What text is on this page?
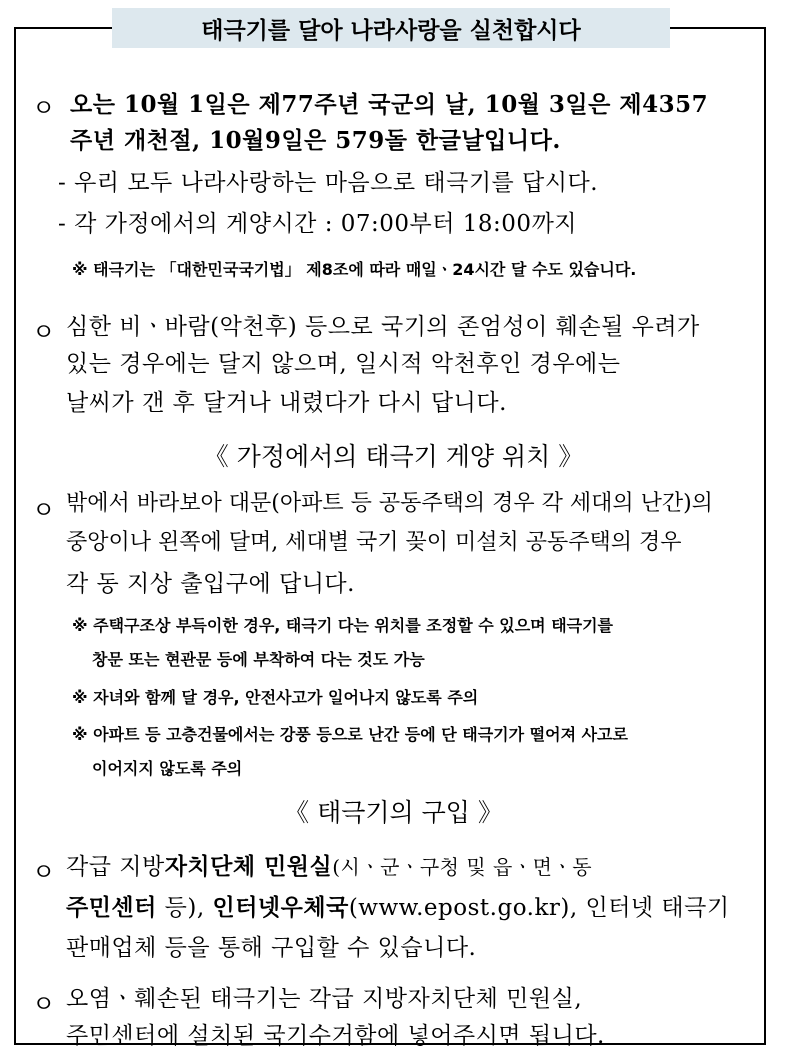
태극기를 달아 나라사랑을 실천합시다
ㅇ 오는 10월 1일은 제77주년 국군의 날, 10월 3일은 제4357
주년 개천절, 10월9일은 579돌 한글날입니다.
- 우리 모두 나라사랑하는 마음으로 태극기를 답시다.
- 각 가정에서의 게양시간 : 07:00부터 18:00까지
※ 태극기는 「대한민국국기법」 제8조에 따라 매일ㆍ24시간 달 수도 있습니다.
ㅇ 심한 비ㆍ바람(악천후) 등으로 국기의 존엄성이 훼손될 우려가
있는 경우에는 달지 않으며, 일시적 악천후인 경우에는
날씨가 갠 후 달거나 내렸다가 다시 답니다.
《 가정에서의 태극기 게양 위치 》
ㅇ 밖에서 바라보아 대문(아파트 등 공동주택의 경우 각 세대의 난간)의
중앙이나 왼쪽에 달며, 세대별 국기 꽂이 미설치 공동주택의 경우
각 동 지상 출입구에 답니다.
※ 주택구조상 부득이한 경우, 태극기 다는 위치를 조정할 수 있으며 태극기를
창문 또는 현관문 등에 부착하여 다는 것도 가능
※ 자녀와 함께 달 경우, 안전사고가 일어나지 않도록 주의
※ 아파트 등 고층건물에서는 강풍 등으로 난간 등에 단 태극기가 떨어져 사고로
이어지지 않도록 주의
《 태극기의 구입 》
ㅇ 각급 지방자치단체 민원실(시ㆍ군ㆍ구청 및 읍ㆍ면ㆍ동
주민센터 등), 인터넷우체국(www.epost.go.kr), 인터넷 태극기
판매업체 등을 통해 구입할 수 있습니다.
ㅇ 오염ㆍ훼손된 태극기는 각급 지방자치단체 민원실,
주민센터에 설치된 국기수거함에 넣어주시면 됩니다.
